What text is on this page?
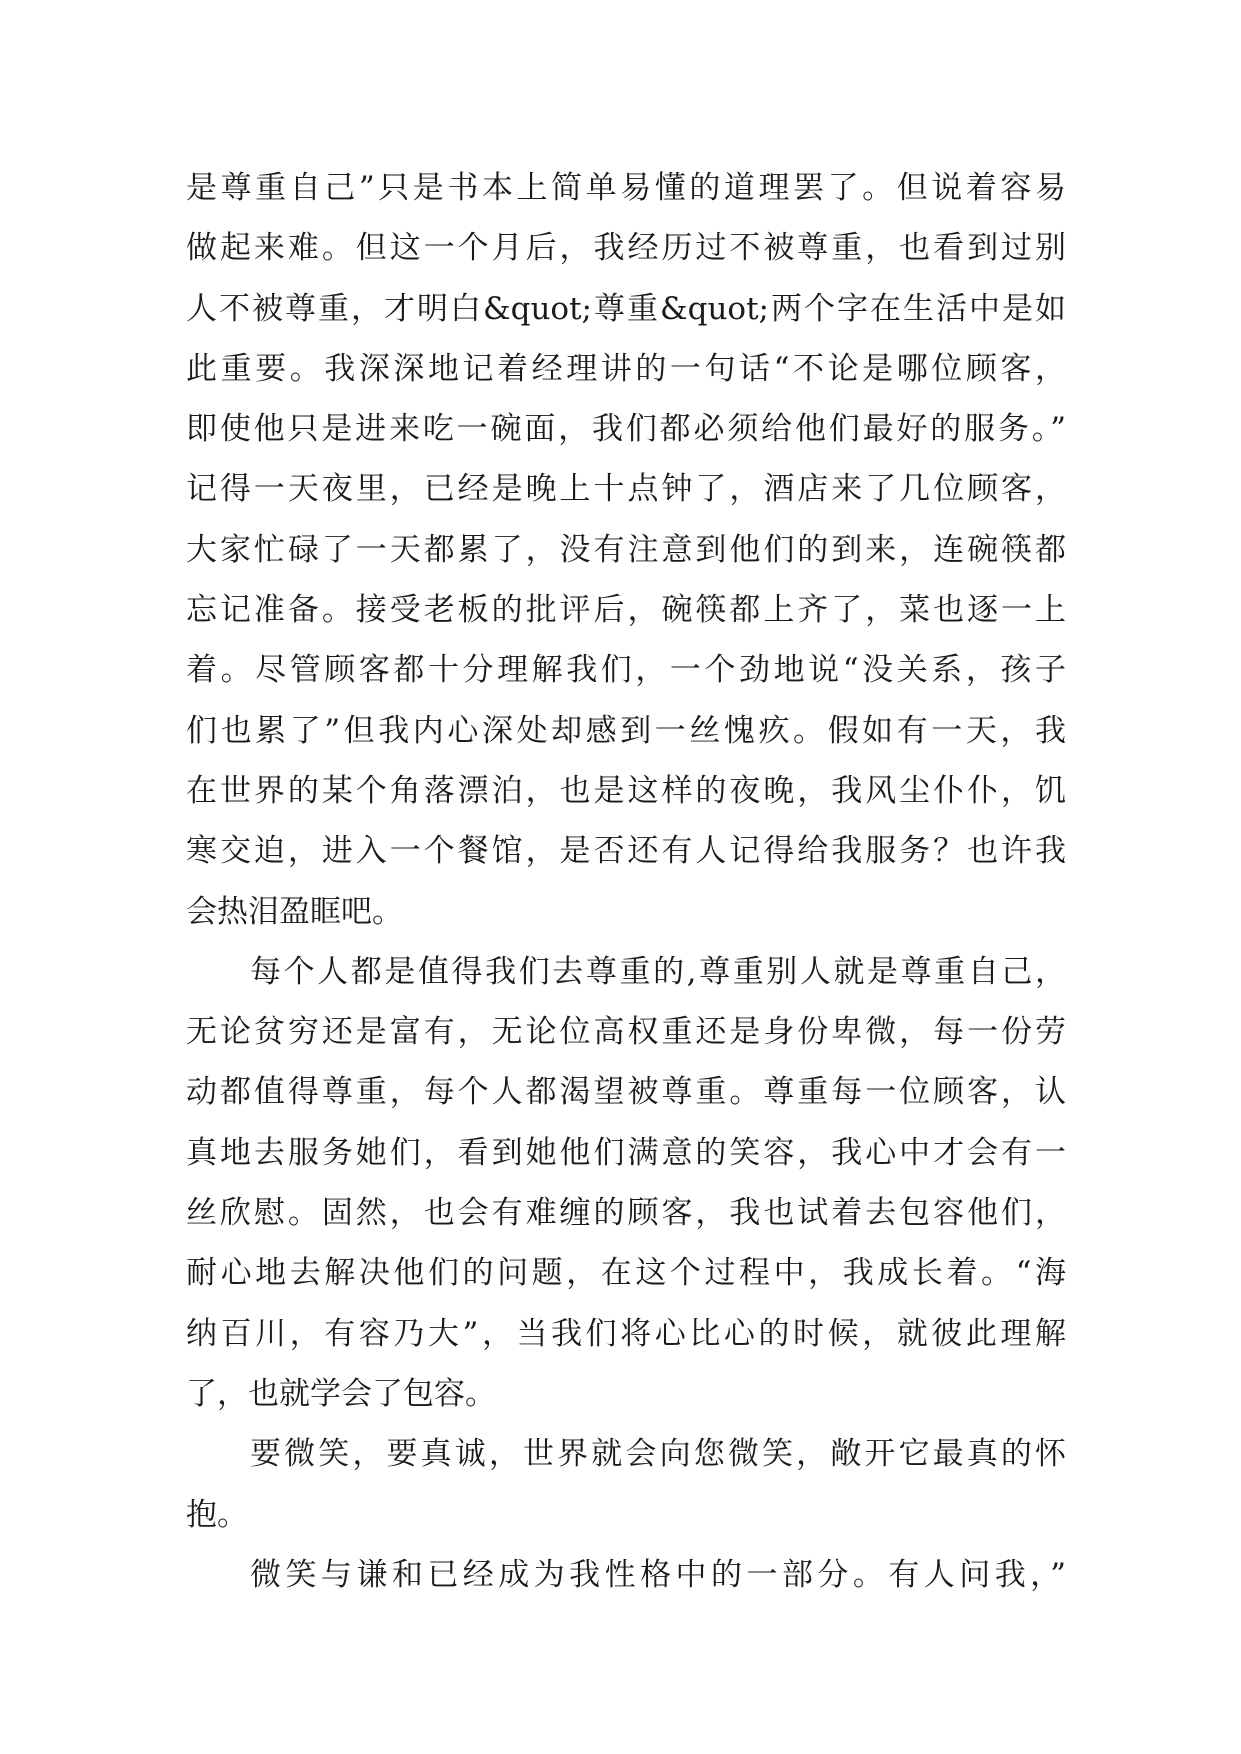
是尊重自己”只是书本上简单易懂的道理罢了。但说着容易
做起来难。但这一个月后，我经历过不被尊重，也看到过别
人不被尊重，才明白&quot;尊重&quot;两个字在生活中是如
此重要。我深深地记着经理讲的一句话“不论是哪位顾客，
即使他只是进来吃一碗面，我们都必须给他们最好的服务。”
记得一天夜里，已经是晚上十点钟了，酒店来了几位顾客，
大家忙碌了一天都累了，没有注意到他们的到来，连碗筷都
忘记准备。接受老板的批评后，碗筷都上齐了，菜也逐一上
着。尽管顾客都十分理解我们，一个劲地说“没关系，孩子
们也累了”但我内心深处却感到一丝愧疚。假如有一天，我
在世界的某个角落漂泊，也是这样的夜晚，我风尘仆仆，饥
寒交迫，进入一个餐馆，是否还有人记得给我服务？也许我
会热泪盈眶吧。
每个人都是值得我们去尊重的,尊重别人就是尊重自己，
无论贫穷还是富有，无论位高权重还是身份卑微，每一份劳
动都值得尊重，每个人都渴望被尊重。尊重每一位顾客，认
真地去服务她们，看到她他们满意的笑容，我心中才会有一
丝欣慰。固然，也会有难缠的顾客，我也试着去包容他们，
耐心地去解决他们的问题，在这个过程中，我成长着。“海
纳百川，有容乃大”，当我们将心比心的时候，就彼此理解
了，也就学会了包容。
要微笑，要真诚，世界就会向您微笑，敞开它最真的怀
抱。
微笑与谦和已经成为我性格中的一部分。有人问我，”
